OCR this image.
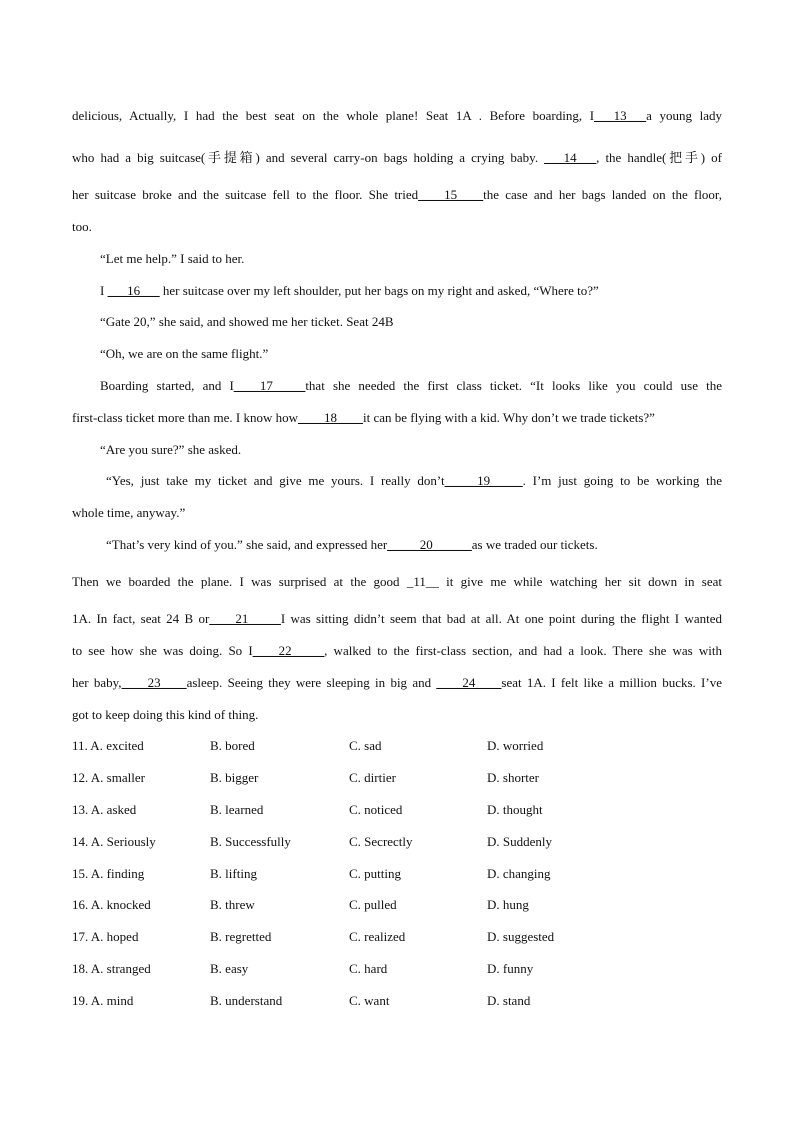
delicious, Actually, I had the best seat on the whole plane! Seat 1A . Before boarding, I___13___a young lady
who had a big suitcase(手提箱) and several carry-on bags holding a crying baby. ___14___, the handle(把手) of
her suitcase broke and the suitcase fell to the floor. She tried____15____the case and her bags landed on the floor,
too.
“Let me help.” I said to her.
I ___16___ her suitcase over my left shoulder, put her bags on my right and asked, “Where to?”
“Gate 20,” she said, and showed me her ticket. Seat 24B
“Oh, we are on the same flight.”
Boarding started, and I____17_____that she needed the first class ticket. “It looks like you could use the
first-class ticket more than me. I know how____18____it can be flying with a kid. Why don’t we trade tickets?”
“Are you sure?” she asked.
“Yes, just take my ticket and give me yours. I really don’t_____19_____. I’m just going to be working the
whole time, anyway.”
“That’s very kind of you.” she said, and expressed her_____20______as we traded our tickets.
Then we boarded the plane. I was surprised at the good _11__ it give me while watching her sit down in seat
1A. In fact, seat 24 B or____21_____I was sitting didn’t seem that bad at all. At one point during the flight I wanted
to see how she was doing. So I____22_____, walked to the first-class section, and had a look. There she was with
her baby,____23____asleep. Seeing they were sleeping in big and ____24____seat 1A. I felt like a million bucks. I’ve
got to keep doing this kind of thing.
11. A. excited	B. bored	C. sad	D. worried
12. A. smaller	B. bigger	C. dirtier	D. shorter
13. A. asked	B. learned	C. noticed	D. thought
14. A. Seriously	B. Successfully	C. Secrectly	D. Suddenly
15. A. finding	B. lifting	C. putting	D. changing
16. A. knocked	B. threw	C. pulled	D. hung
17. A. hoped	B. regretted	C. realized	D. suggested
18. A. stranged	B. easy	C. hard	D. funny
19. A. mind	B. understand	C. want	D. stand
